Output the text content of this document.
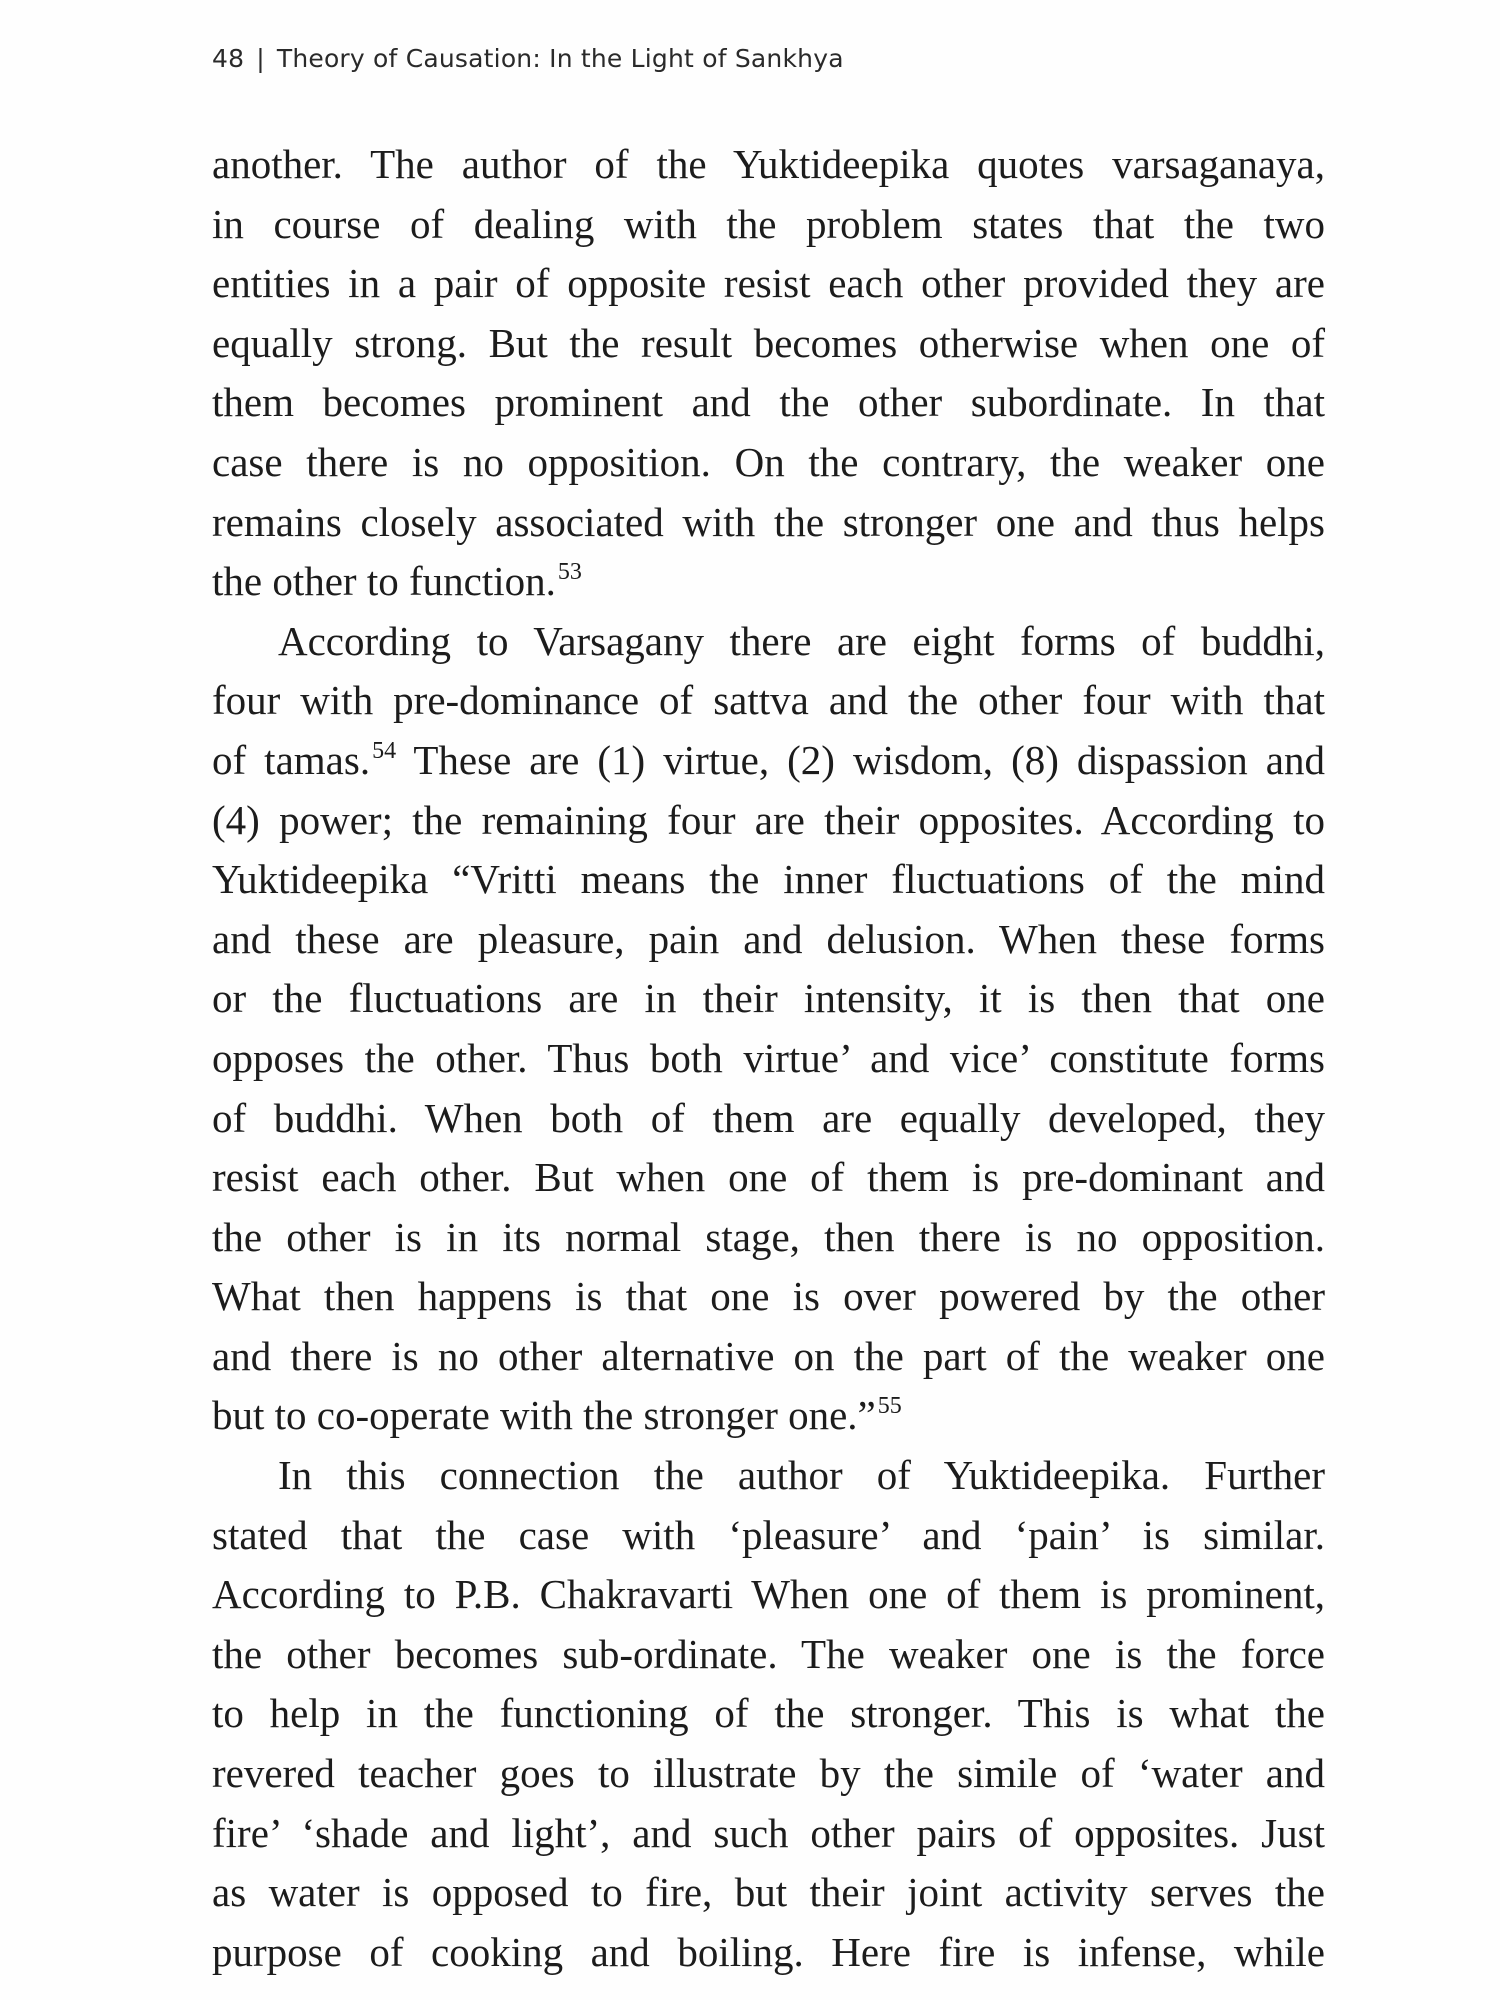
48 | Theory of Causation: In the Light of Sankhya
another. The author of the Yuktideepika quotes varsaganaya,
in course of dealing with the problem states that the two
entities in a pair of opposite resist each other provided they are
equally strong. But the result becomes otherwise when one of
them becomes prominent and the other subordinate. In that
case there is no opposition. On the contrary, the weaker one
remains closely associated with the stronger one and thus helps
the other to function.$^{53}$
According to Varsagany there are eight forms of buddhi,
four with pre-dominance of sattva and the other four with that
of tamas.$^{54}$ These are (1) virtue, (2) wisdom, (8) dispassion and
(4) power; the remaining four are their opposites. According to
Yuktideepika “Vritti means the inner fluctuations of the mind
and these are pleasure, pain and delusion. When these forms
or the fluctuations are in their intensity, it is then that one
opposes the other. Thus both virtue’ and vice’ constitute forms
of buddhi. When both of them are equally developed, they
resist each other. But when one of them is pre-dominant and
the other is in its normal stage, then there is no opposition.
What then happens is that one is over powered by the other
and there is no other alternative on the part of the weaker one
but to co-operate with the stronger one.”$^{55}$
In this connection the author of Yuktideepika. Further
stated that the case with ‘pleasure’ and ‘pain’ is similar.
According to P.B. Chakravarti When one of them is prominent,
the other becomes sub-ordinate. The weaker one is the force
to help in the functioning of the stronger. This is what the
revered teacher goes to illustrate by the simile of ‘water and
fire’ ‘shade and light’, and such other pairs of opposites. Just
as water is opposed to fire, but their joint activity serves the
purpose of cooking and boiling. Here fire is infense, while
